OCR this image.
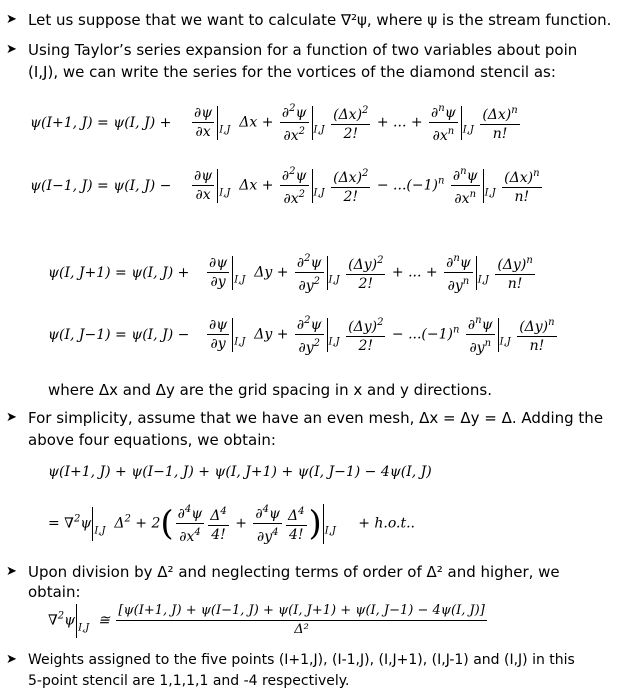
➤ Let us suppose that we want to calculate ∇²ψ, where ψ is the stream function.
➤ Using Taylor’s series expansion for a function of two variables about poin
(I,J), we can write the series for the vortices of the diamond stencil as:
ψ(I+1, J) = ψ(I, $J) + \frac{\partial\psi}{\partial x} _{I,J}$  $\Delta x + \frac{\partial^2\psi}{\partial x^2} _{I,J} \frac{(\Delta x)^2}{2!}$ + ... + $\frac{\partial^n\psi}{\partial x^n} _{I,J} \frac{(\Delta x)^n}{n!}$
ψ(I−1, J) = ψ(I, $J) - \frac{\partial\psi}{\partial x} _{I,J}$  $\Delta x + \frac{\partial^2\psi}{\partial x^2} _{I,J} \frac{(\Delta x)^2}{2!} - ...(-1)^n \frac{\partial^n\psi}{\partial x^n} _{I,J} \frac{(\Delta x)^n}{n!}$
ψ(I, J+1) = ψ(I, $J) + \frac{\partial\psi}{\partial y} _{I,J}$  $\Delta y + \frac{\partial^2\psi}{\partial y^2} _{I,J} \frac{(\Delta y)^2}{2!}$ + ... + $\frac{\partial^n\psi}{\partial y^n} _{I,J} \frac{(\Delta y)^n}{n!}$
ψ(I, J−1) = ψ(I, $J) - \frac{\partial\psi}{\partial y} _{I,J}$  $\Delta y + \frac{\partial^2\psi}{\partial y^2} _{I,J} \frac{(\Delta y)^2}{2!} - ...(-1)^n \frac{\partial^n\psi}{\partial y^n} _{I,J} \frac{(\Delta y)^n}{n!}$
where Δx and Δy are the grid spacing in x and y directions.
➤ For simplicity, assume that we have an even mesh, Δx = Δy = Δ. Adding the
above four equations, we obtain:
ψ(I+1, J) + ψ(I−1, J) + ψ(I, J+1) + ψ(I, J−1) − 4ψ(I, J)
= ∇$^2$ψ $_{I,J}$  $\Delta^2 + 2( \frac{\partial^4\psi}{\partial x^4} \frac{\Delta^4}{4!} + \frac{\partial^4\psi}{\partial y^4} \frac{\Delta^4}{4!}$ ) $_{I,J}$ + h.o.t..
➤ Upon division by Δ² and neglecting terms of order of Δ² and higher, we obtain:
∇$^2$ψ $_{I,J}$  ≅ $\frac{[\psi(I+1, J) + \psi(I-1, J) + \psi(I, J+1) + \psi(I, J-1) - 4\psi(I, J)]}{\text{Δ²}}$
➤ Weights assigned to the five points (I+1,J), (I-1,J), (I,J+1), (I,J-1) and (I,J) in this
5-point stencil are 1,1,1,1 and -4 respectively.
